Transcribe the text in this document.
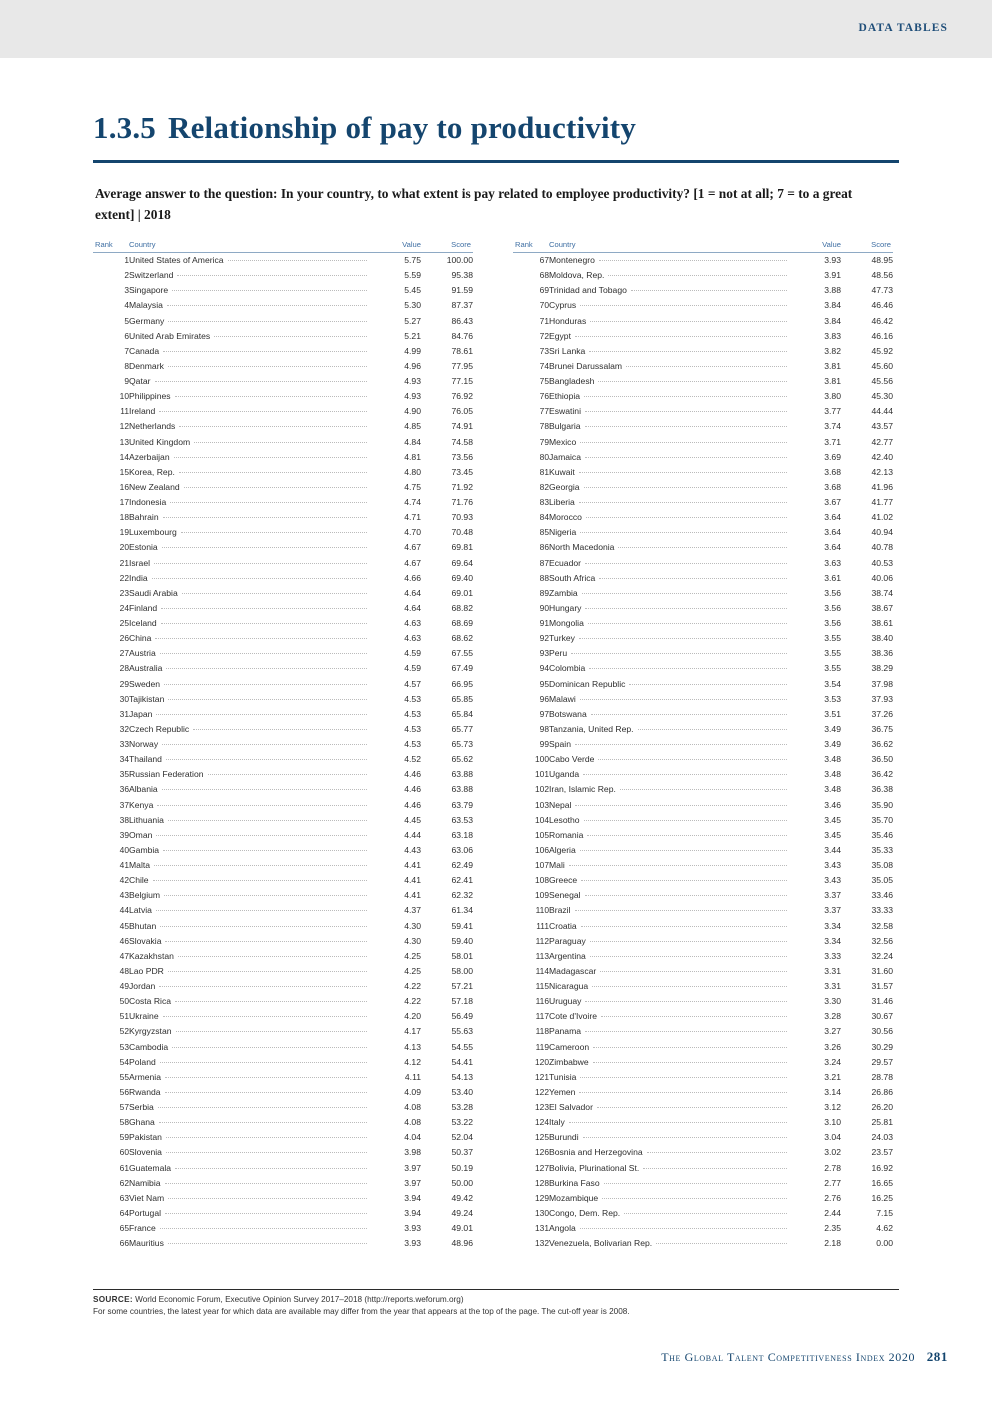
DATA TABLES
1.3.5 Relationship of pay to productivity
Average answer to the question: In your country, to what extent is pay related to employee productivity? [1 = not at all; 7 = to a great extent] | 2018
Rank	Country	Value	Score
1	United States of America	5.75	100.00
2	Switzerland	5.59	95.38
3	Singapore	5.45	91.59
4	Malaysia	5.30	87.37
5	Germany	5.27	86.43
6	United Arab Emirates	5.21	84.76
7	Canada	4.99	78.61
8	Denmark	4.96	77.95
9	Qatar	4.93	77.15
10	Philippines	4.93	76.92
11	Ireland	4.90	76.05
12	Netherlands	4.85	74.91
13	United Kingdom	4.84	74.58
14	Azerbaijan	4.81	73.56
15	Korea, Rep.	4.80	73.45
16	New Zealand	4.75	71.92
17	Indonesia	4.74	71.76
18	Bahrain	4.71	70.93
19	Luxembourg	4.70	70.48
20	Estonia	4.67	69.81
21	Israel	4.67	69.64
22	India	4.66	69.40
23	Saudi Arabia	4.64	69.01
24	Finland	4.64	68.82
25	Iceland	4.63	68.69
26	China	4.63	68.62
27	Austria	4.59	67.55
28	Australia	4.59	67.49
29	Sweden	4.57	66.95
30	Tajikistan	4.53	65.85
31	Japan	4.53	65.84
32	Czech Republic	4.53	65.77
33	Norway	4.53	65.73
34	Thailand	4.52	65.62
35	Russian Federation	4.46	63.88
36	Albania	4.46	63.88
37	Kenya	4.46	63.79
38	Lithuania	4.45	63.53
39	Oman	4.44	63.18
40	Gambia	4.43	63.06
41	Malta	4.41	62.49
42	Chile	4.41	62.41
43	Belgium	4.41	62.32
44	Latvia	4.37	61.34
45	Bhutan	4.30	59.41
46	Slovakia	4.30	59.40
47	Kazakhstan	4.25	58.01
48	Lao PDR	4.25	58.00
49	Jordan	4.22	57.21
50	Costa Rica	4.22	57.18
51	Ukraine	4.20	56.49
52	Kyrgyzstan	4.17	55.63
53	Cambodia	4.13	54.55
54	Poland	4.12	54.41
55	Armenia	4.11	54.13
56	Rwanda	4.09	53.40
57	Serbia	4.08	53.28
58	Ghana	4.08	53.22
59	Pakistan	4.04	52.04
60	Slovenia	3.98	50.37
61	Guatemala	3.97	50.19
62	Namibia	3.97	50.00
63	Viet Nam	3.94	49.42
64	Portugal	3.94	49.24
65	France	3.93	49.01
66	Mauritius	3.93	48.96
Rank	Country	Value	Score
67	Montenegro	3.93	48.95
68	Moldova, Rep.	3.91	48.56
69	Trinidad and Tobago	3.88	47.73
70	Cyprus	3.84	46.46
71	Honduras	3.84	46.42
72	Egypt	3.83	46.16
73	Sri Lanka	3.82	45.92
74	Brunei Darussalam	3.81	45.60
75	Bangladesh	3.81	45.56
76	Ethiopia	3.80	45.30
77	Eswatini	3.77	44.44
78	Bulgaria	3.74	43.57
79	Mexico	3.71	42.77
80	Jamaica	3.69	42.40
81	Kuwait	3.68	42.13
82	Georgia	3.68	41.96
83	Liberia	3.67	41.77
84	Morocco	3.64	41.02
85	Nigeria	3.64	40.94
86	North Macedonia	3.64	40.78
87	Ecuador	3.63	40.53
88	South Africa	3.61	40.06
89	Zambia	3.56	38.74
90	Hungary	3.56	38.67
91	Mongolia	3.56	38.61
92	Turkey	3.55	38.40
93	Peru	3.55	38.36
94	Colombia	3.55	38.29
95	Dominican Republic	3.54	37.98
96	Malawi	3.53	37.93
97	Botswana	3.51	37.26
98	Tanzania, United Rep.	3.49	36.75
99	Spain	3.49	36.62
100	Cabo Verde	3.48	36.50
101	Uganda	3.48	36.42
102	Iran, Islamic Rep.	3.48	36.38
103	Nepal	3.46	35.90
104	Lesotho	3.45	35.70
105	Romania	3.45	35.46
106	Algeria	3.44	35.33
107	Mali	3.43	35.08
108	Greece	3.43	35.05
109	Senegal	3.37	33.46
110	Brazil	3.37	33.33
111	Croatia	3.34	32.58
112	Paraguay	3.34	32.56
113	Argentina	3.33	32.24
114	Madagascar	3.31	31.60
115	Nicaragua	3.31	31.57
116	Uruguay	3.30	31.46
117	Cote d'Ivoire	3.28	30.67
118	Panama	3.27	30.56
119	Cameroon	3.26	30.29
120	Zimbabwe	3.24	29.57
121	Tunisia	3.21	28.78
122	Yemen	3.14	26.86
123	El Salvador	3.12	26.20
124	Italy	3.10	25.81
125	Burundi	3.04	24.03
126	Bosnia and Herzegovina	3.02	23.57
127	Bolivia, Plurinational St.	2.78	16.92
128	Burkina Faso	2.77	16.65
129	Mozambique	2.76	16.25
130	Congo, Dem. Rep.	2.44	7.15
131	Angola	2.35	4.62
132	Venezuela, Bolivarian Rep.	2.18	0.00
SOURCE: World Economic Forum, Executive Opinion Survey 2017–2018 (http://reports.weforum.org)
For some countries, the latest year for which data are available may differ from the year that appears at the top of the page. The cut-off year is 2008.
The Global Talent Competitiveness Index 2020 281
